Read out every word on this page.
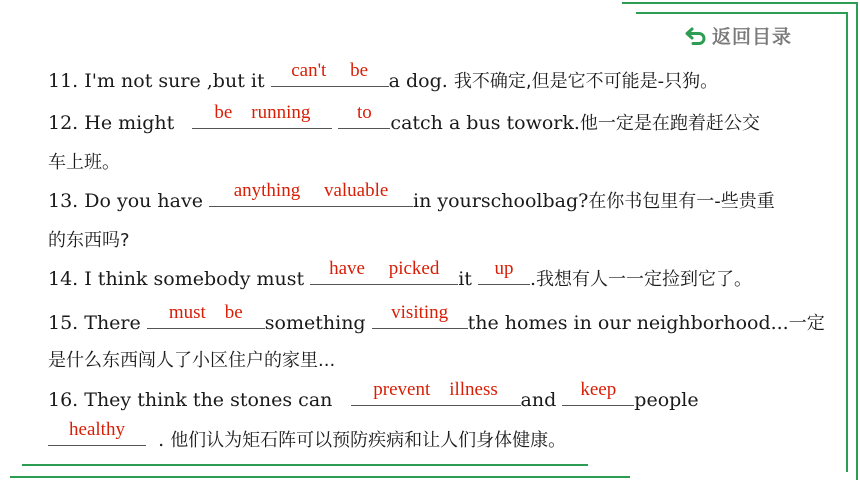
返回目录
11. I'm not sure ,but it	can't     be	a dog. 我不确定,但是它不可能是-只狗。
12. He might	be    running
	to catch a bus towork.他一定是在跑着赶公交
车上班。
13. Do you have	anything     valuable	in yourschoolbag?在你书包里有一-些贵重
的东西吗?
14. I think somebody must	have     picked it	up .我想有人一一定捡到它了。
15. There	must    be	something	visiting	the homes in our neighborhood...一定
是什么东西闯人了小区住户的家里...
16. They think the stones can	prevent    illness	and	keep people
healthy	. 他们认为矩石阵可以预防疾病和让人们身体健康。
